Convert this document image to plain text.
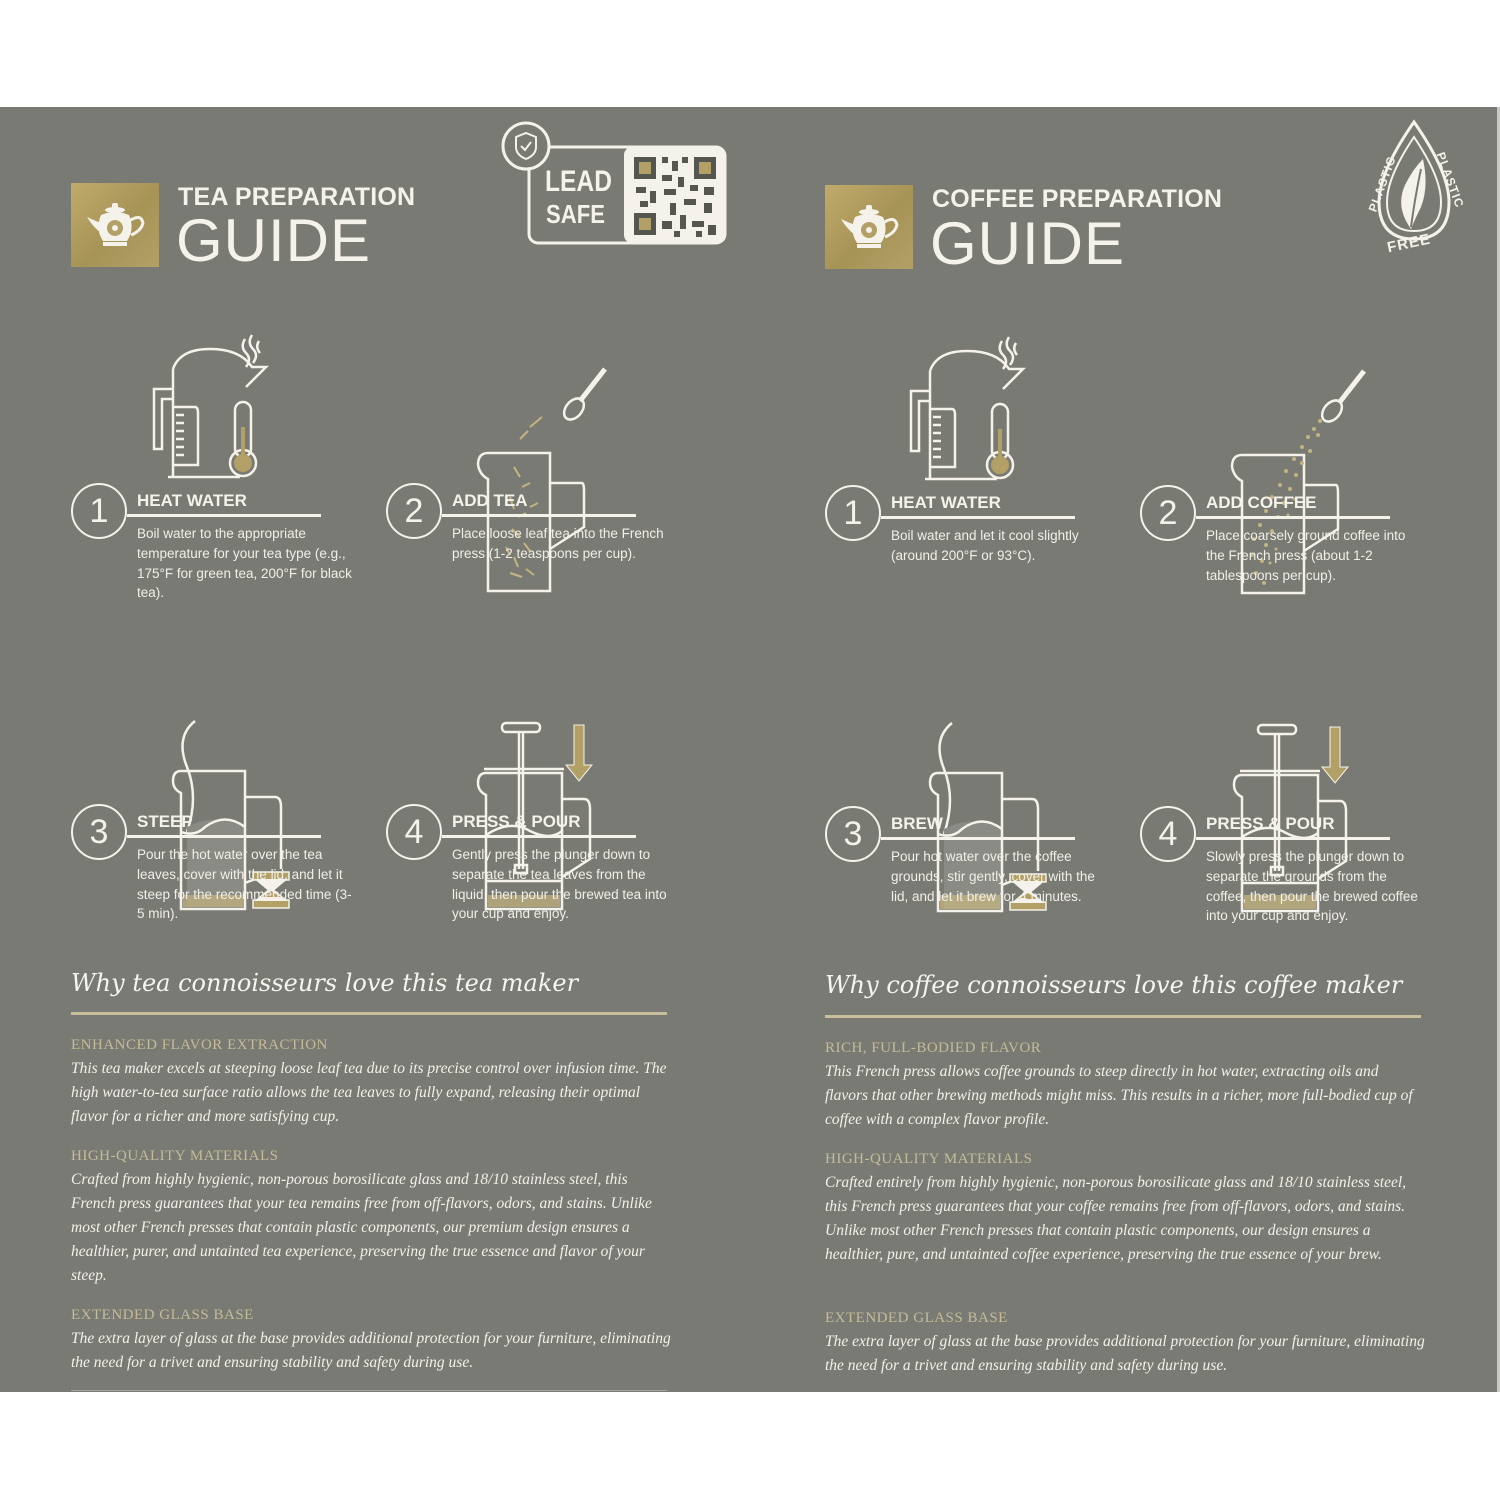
TEA PREPARATION
GUIDE
LEAD
SAFE
1	HEAT WATER
Boil water to the appropriate temperature for your tea type (e.g., 175°F for green tea, 200°F for black tea).
2	ADD TEA
Place loose leaf tea into the French press (1-2 teaspoons per cup).
3	STEEP
Pour the hot water over the tea leaves, cover with the lid, and let it steep for the recommended time (3-5 min).
4	PRESS & POUR
Gently press the plunger down to separate the tea leaves from the liquid, then pour the brewed tea into your cup and enjoy.
Why tea connoisseurs love this tea maker
ENHANCED FLAVOR EXTRACTION
This tea maker excels at steeping loose leaf tea due to its precise control over infusion time. The high water-to-tea surface ratio allows the tea leaves to fully expand, releasing their optimal flavor for a richer and more satisfying cup.
HIGH-QUALITY MATERIALS
Crafted from highly hygienic, non-porous borosilicate glass and 18/10 stainless steel, this French press guarantees that your tea remains free from off-flavors, odors, and stains. Unlike most other French presses that contain plastic components, our premium design ensures a healthier, purer, and untainted tea experience, preserving the true essence and flavor of your steep.
EXTENDED GLASS BASE
The extra layer of glass at the base provides additional protection for your furniture, eliminating the need for a trivet and ensuring stability and safety during use.
COFFEE PREPARATION
GUIDE
PLASTIC	PLASTIC
FREE
1	HEAT WATER
Boil water and let it cool slightly (around 200°F or 93°C).
2	ADD COFFEE
Place coarsely ground coffee into the French press (about 1-2 tablespoons per cup).
3	BREW
Pour hot water over the coffee grounds, stir gently, cover with the lid, and let it brew for 4 minutes.
4	PRESS & POUR
Slowly press the plunger down to separate the grounds from the coffee, then pour the brewed coffee into your cup and enjoy.
Why coffee connoisseurs love this coffee maker
RICH, FULL-BODIED FLAVOR
This French press allows coffee grounds to steep directly in hot water, extracting oils and flavors that other brewing methods might miss. This results in a richer, more full-bodied cup of coffee with a complex flavor profile.
HIGH-QUALITY MATERIALS
Crafted entirely from highly hygienic, non-porous borosilicate glass and 18/10 stainless steel, this French press guarantees that your coffee remains free from off-flavors, odors, and stains. Unlike most other French presses that contain plastic components, our design ensures a healthier, pure, and untainted coffee experience, preserving the true essence of your brew.
EXTENDED GLASS BASE
The extra layer of glass at the base provides additional protection for your furniture, eliminating the need for a trivet and ensuring stability and safety during use.
